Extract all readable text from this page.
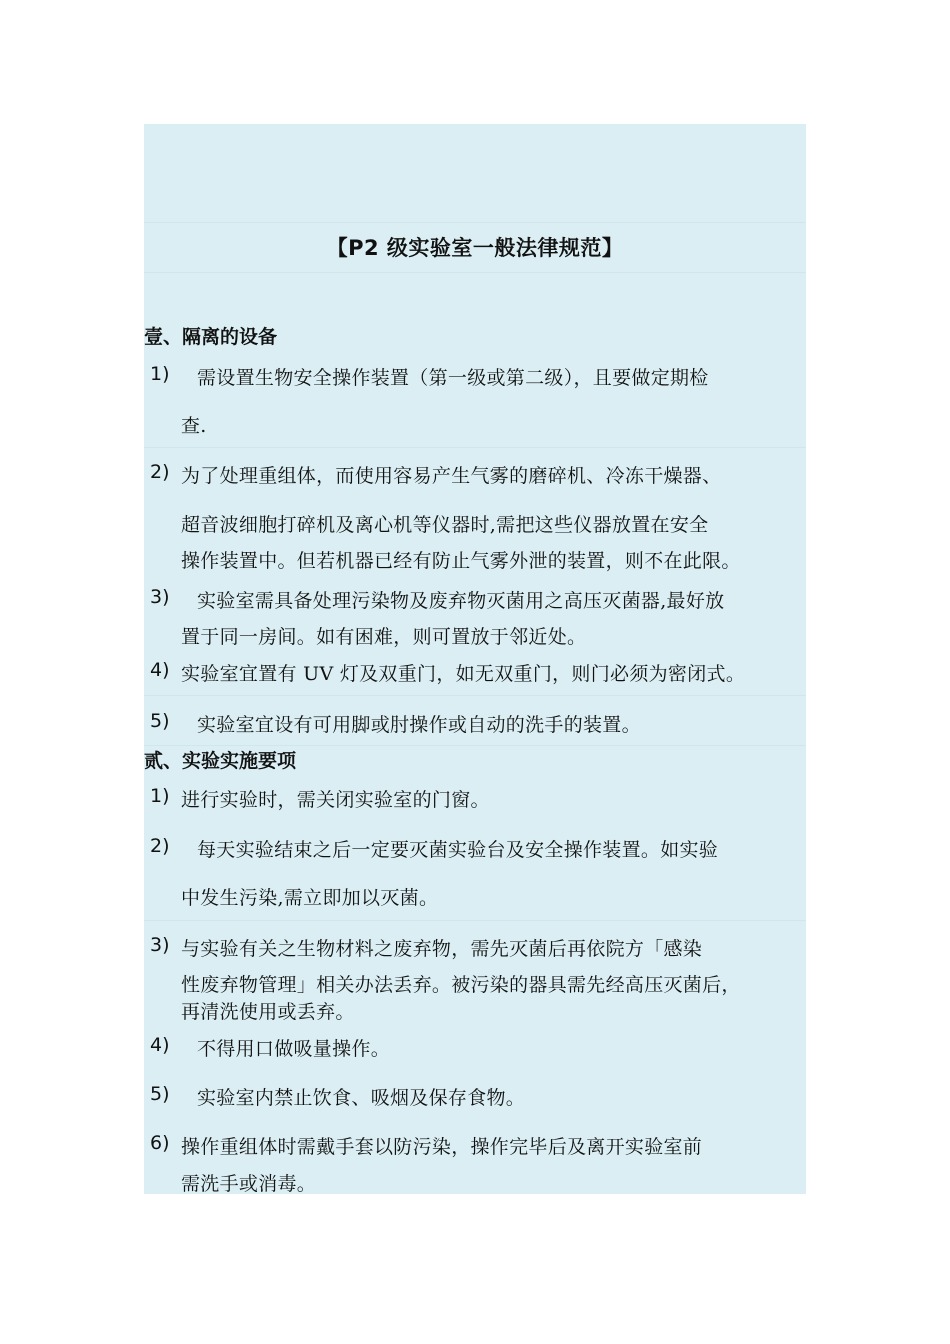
【P2 级实验室一般法律规范】
壹、隔离的设备
1) 需设置生物安全操作装置（第一级或第二级），且要做定期检
查.
2) 为了处理重组体，而使用容易产生气雾的磨碎机、冷冻干燥器、
超音波细胞打碎机及离心机等仪器时,需把这些仪器放置在安全
操作装置中。但若机器已经有防止气雾外泄的装置，则不在此限。
3) 实验室需具备处理污染物及废弃物灭菌用之高压灭菌器,最好放
置于同一房间。如有困难，则可置放于邻近处。
4) 实验室宜置有 UV 灯及双重门，如无双重门，则门必须为密闭式。
5) 实验室宜设有可用脚或肘操作或自动的洗手的装置。
贰、实验实施要项
1) 进行实验时，需关闭实验室的门窗。
2) 每天实验结束之后一定要灭菌实验台及安全操作装置。如实验
中发生污染,需立即加以灭菌。
3) 与实验有关之生物材料之废弃物，需先灭菌后再依院方「感染
性废弃物管理」相关办法丢弃。被污染的器具需先经高压灭菌后，
再清洗使用或丢弃。
4) 不得用口做吸量操作。
5) 实验室内禁止饮食、吸烟及保存食物。
6) 操作重组体时需戴手套以防污染，操作完毕后及离开实验室前
需洗手或消毒。
